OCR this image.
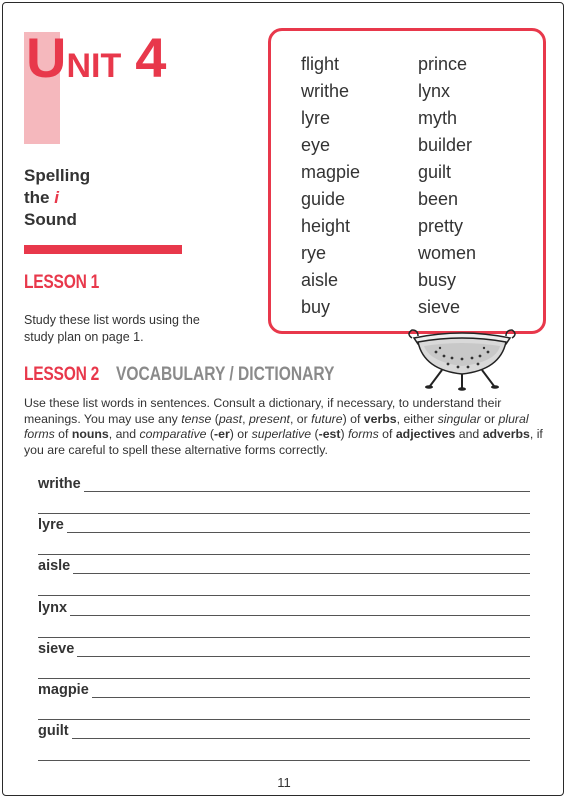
UNIT 4
Spelling
the i
Sound
LESSON 1
Study these list words using the study plan on page 1.
flight
writhe
lyre
eye
magpie
guide
height
rye
aisle
buy
prince
lynx
myth
builder
guilt
been
pretty
women
busy
sieve
LESSON 2 VOCABULARY / DICTIONARY
Use these list words in sentences. Consult a dictionary, if necessary, to understand their meanings. You may use any tense (past, present, or future) of verbs, either singular or plural forms of nouns, and comparative (-er) or superlative (-est) forms of adjectives and adverbs, if you are careful to spell these alternative forms correctly.
writhe
lyre
aisle
lynx
sieve
magpie
guilt
11
